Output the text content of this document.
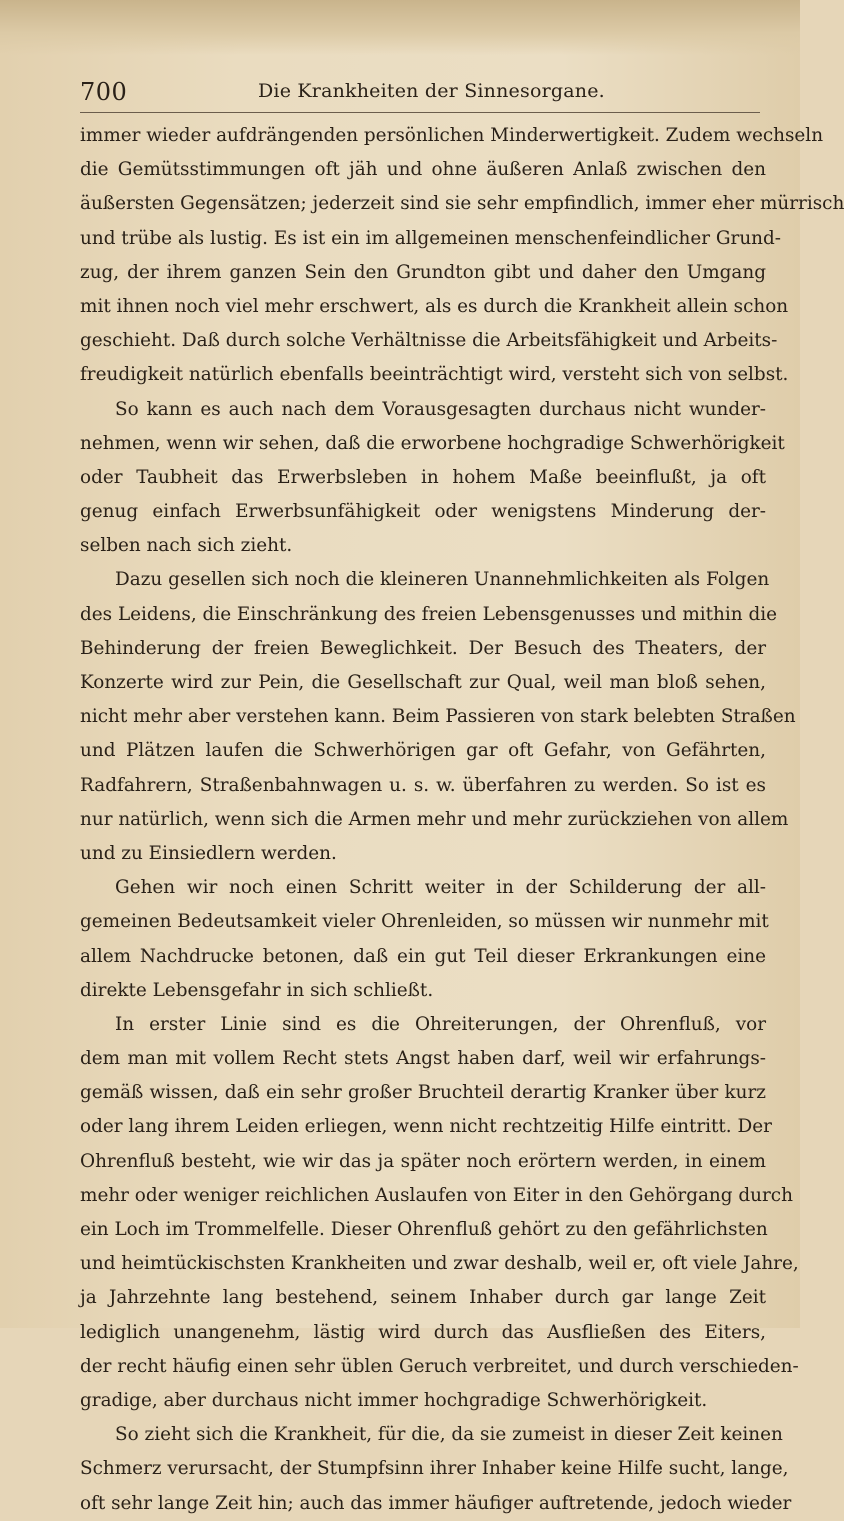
700	Die Krankheiten der Sinnesorgane.
immer wieder aufdrängenden persönlichen Minderwertigkeit. Zudem wechseln
die Gemütsstimmungen oft jäh und ohne äußeren Anlaß zwischen den
äußersten Gegensätzen; jederzeit sind sie sehr empfindlich, immer eher mürrisch
und trübe als lustig. Es ist ein im allgemeinen menschenfeindlicher Grund-
zug, der ihrem ganzen Sein den Grundton gibt und daher den Umgang
mit ihnen noch viel mehr erschwert, als es durch die Krankheit allein schon
geschieht. Daß durch solche Verhältnisse die Arbeitsfähigkeit und Arbeits-
freudigkeit natürlich ebenfalls beeinträchtigt wird, versteht sich von selbst.
So kann es auch nach dem Vorausgesagten durchaus nicht wunder-
nehmen, wenn wir sehen, daß die erworbene hochgradige Schwerhörigkeit
oder Taubheit das Erwerbsleben in hohem Maße beeinflußt, ja oft
genug einfach Erwerbsunfähigkeit oder wenigstens Minderung der-
selben nach sich zieht.
Dazu gesellen sich noch die kleineren Unannehmlichkeiten als Folgen
des Leidens, die Einschränkung des freien Lebensgenusses und mithin die
Behinderung der freien Beweglichkeit. Der Besuch des Theaters, der
Konzerte wird zur Pein, die Gesellschaft zur Qual, weil man bloß sehen,
nicht mehr aber verstehen kann. Beim Passieren von stark belebten Straßen
und Plätzen laufen die Schwerhörigen gar oft Gefahr, von Gefährten,
Radfahrern, Straßenbahnwagen u. s. w. überfahren zu werden. So ist es
nur natürlich, wenn sich die Armen mehr und mehr zurückziehen von allem
und zu Einsiedlern werden.
Gehen wir noch einen Schritt weiter in der Schilderung der all-
gemeinen Bedeutsamkeit vieler Ohrenleiden, so müssen wir nunmehr mit
allem Nachdrucke betonen, daß ein gut Teil dieser Erkrankungen eine
direkte Lebensgefahr in sich schließt.
In erster Linie sind es die Ohreiterungen, der Ohrenfluß, vor
dem man mit vollem Recht stets Angst haben darf, weil wir erfahrungs-
gemäß wissen, daß ein sehr großer Bruchteil derartig Kranker über kurz
oder lang ihrem Leiden erliegen, wenn nicht rechtzeitig Hilfe eintritt. Der
Ohrenfluß besteht, wie wir das ja später noch erörtern werden, in einem
mehr oder weniger reichlichen Auslaufen von Eiter in den Gehörgang durch
ein Loch im Trommelfelle. Dieser Ohrenfluß gehört zu den gefährlichsten
und heimtückischsten Krankheiten und zwar deshalb, weil er, oft viele Jahre,
ja Jahrzehnte lang bestehend, seinem Inhaber durch gar lange Zeit
lediglich unangenehm, lästig wird durch das Ausfließen des Eiters,
der recht häufig einen sehr üblen Geruch verbreitet, und durch verschieden-
gradige, aber durchaus nicht immer hochgradige Schwerhörigkeit.
So zieht sich die Krankheit, für die, da sie zumeist in dieser Zeit keinen
Schmerz verursacht, der Stumpfsinn ihrer Inhaber keine Hilfe sucht, lange,
oft sehr lange Zeit hin; auch das immer häufiger auftretende, jedoch wieder
